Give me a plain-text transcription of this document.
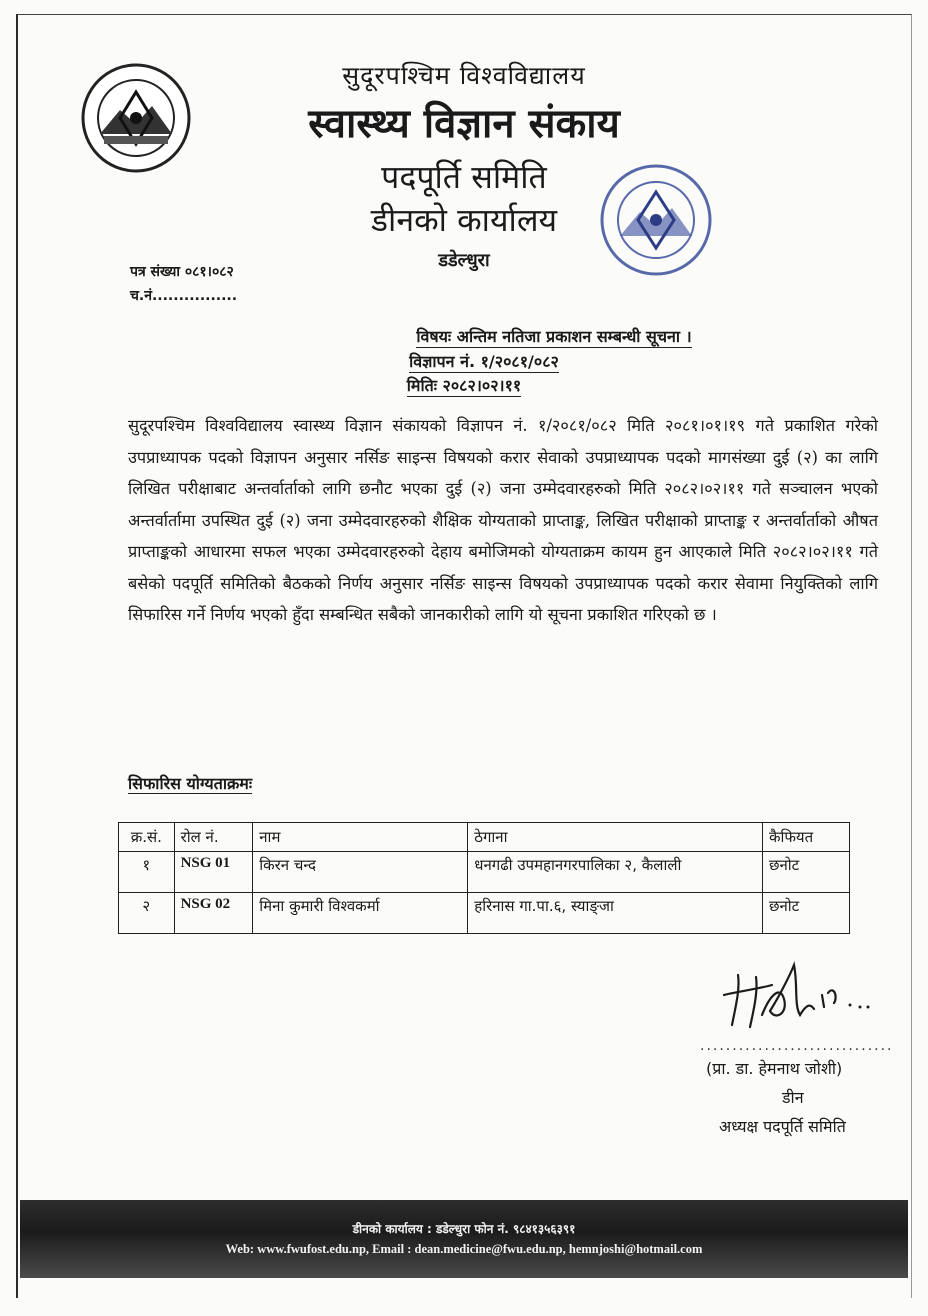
सुदूरपश्चिम विश्वविद्यालय
स्वास्थ्य विज्ञान संकाय
पदपूर्ति समिति
डीनको कार्यालय
डडेल्धुरा
पत्र संख्या ०८१।०८२
च.नं................
विषयः अन्तिम नतिजा प्रकाशन सम्बन्धी सूचना ।
विज्ञापन नं. १/२०८१/०८२
मितिः २०८२।०२।११
सुदूरपश्चिम विश्वविद्यालय स्वास्थ्य विज्ञान संकायको विज्ञापन नं. १/२०८१/०८२ मिति २०८१।०१।१९ गते प्रकाशित गरेको उपप्राध्यापक पदको विज्ञापन अनुसार नर्सिङ साइन्स विषयको करार सेवाको उपप्राध्यापक पदको मागसंख्या दुई (२) का लागि लिखित परीक्षाबाट अन्तर्वार्ताको लागि छनौट भएका दुई (२) जना उम्मेदवारहरुको मिति २०८२।०२।११ गते सञ्चालन भएको अन्तर्वार्तामा उपस्थित दुई (२) जना उम्मेदवारहरुको शैक्षिक योग्यताको प्राप्ताङ्क, लिखित परीक्षाको प्राप्ताङ्क र अन्तर्वार्ताको औषत प्राप्ताङ्कको आधारमा सफल भएका उम्मेदवारहरुको देहाय बमोजिमको योग्यताक्रम कायम हुन आएकाले मिति २०८२।०२।११ गते बसेको पदपूर्ति समितिको बैठकको निर्णय अनुसार नर्सिङ साइन्स विषयको उपप्राध्यापक पदको करार सेवामा नियुक्तिको लागि सिफारिस गर्ने निर्णय भएको हुँदा सम्बन्धित सबैको जानकारीको लागि यो सूचना प्रकाशित गरिएको छ ।
सिफारिस योग्यताक्रमः
क्र.सं.	रोल नं.	नाम	ठेगाना	कैफियत
१	NSG 01	किरन चन्द	धनगढी उपमहानगरपालिका २, कैलाली	छनोट
२	NSG 02	मिना कुमारी विश्वकर्मा	हरिनास गा.पा.६, स्याङ्जा	छनोट
..............................
(प्रा. डा. हेमनाथ जोशी)
डीन
अध्यक्ष पदपूर्ति समिति
डीनको कार्यालय : डडेल्धुरा फोन नं. ९८४१३५६३९१
Web: www.fwufost.edu.np, Email : dean.medicine@fwu.edu.np, hemnjoshi@hotmail.com
